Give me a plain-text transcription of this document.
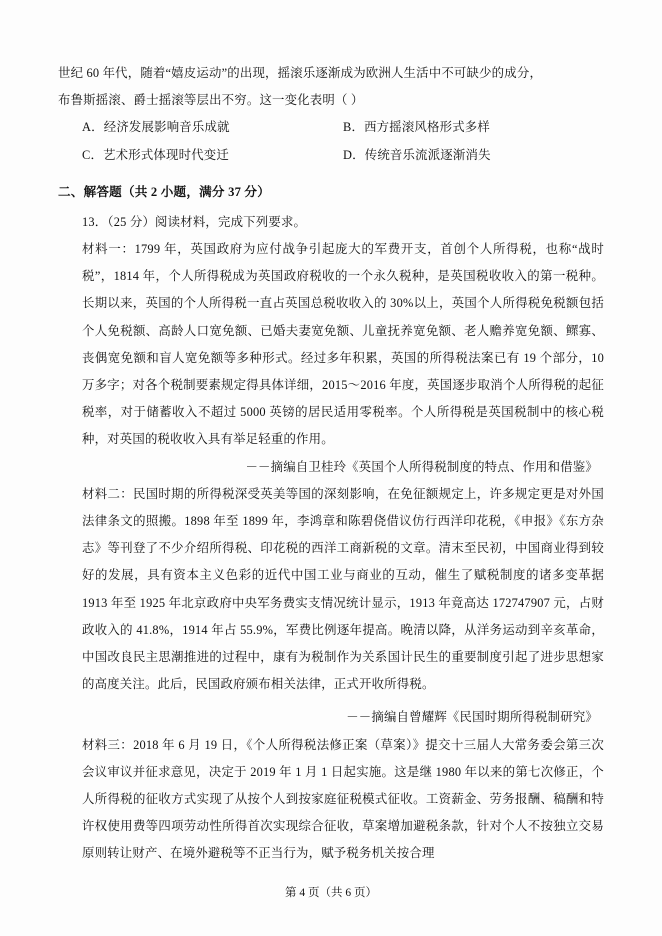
世纪 60 年代，随着“嬉皮运动”的出现，摇滚乐逐渐成为欧洲人生活中不可缺少的成分，

布鲁斯摇滚、爵士摇滚等层出不穷。这一变化表明（ ）

A．经济发展影响音乐成就	B．西方摇滚风格形式多样
C．艺术形式体现时代变迁	D．传统音乐流派逐渐消失

二、解答题（共 2 小题，满分 37 分）

13．（25 分）阅读材料，完成下列要求。

材料一：1799 年，英国政府为应付战争引起庞大的军费开支，首创个人所得税，也称“战时税”，1814 年，个人所得税成为英国政府税收的一个永久税种，是英国税收收入的第一税种。长期以来，英国的个人所得税一直占英国总税收收入的 30%以上，英国个人所得税免税额包括个人免税额、高龄人口宽免额、已婚夫妻宽免额、儿童抚养宽免额、老人赡养宽免额、鳏寡、丧偶宽免额和盲人宽免额等多种形式。经过多年积累，英国的所得税法案已有 19 个部分，10 万多字；对各个税制要素规定得具体详细，2015～2016 年度，英国逐步取消个人所得税的起征税率，对于储蓄收入不超过 5000 英镑的居民适用零税率。个人所得税是英国税制中的核心税种，对英国的税收收入具有举足轻重的作用。

－－摘编自卫桂玲《英国个人所得税制度的特点、作用和借鉴》

材料二：民国时期的所得税深受英美等国的深刻影响，在免征额规定上，许多规定更是对外国法律条文的照搬。1898 年至 1899 年，李鸿章和陈碧侥借议仿行西洋印花税，《申报》《东方杂志》等刊登了不少介绍所得税、印花税的西洋工商新税的文章。清末至民初，中国商业得到较好的发展，具有资本主义色彩的近代中国工业与商业的互动，催生了赋税制度的诸多变革据 1913 年至 1925 年北京政府中央军务费实支情况统计显示，1913 年竟高达 172747907 元，占财政收入的 41.8%，1914 年占 55.9%，军费比例逐年提高。晚清以降，从洋务运动到辛亥革命，中国改良民主思潮推进的过程中，康有为税制作为关系国计民生的重要制度引起了进步思想家的高度关注。此后，民国政府颁布相关法律，正式开收所得税。

－－摘编自曾耀辉《民国时期所得税制研究》

材料三：2018 年 6 月 19 日，《个人所得税法修正案（草案）》提交十三届人大常务委会第三次会议审议并征求意见，决定于 2019 年 1 月 1 日起实施。这是继 1980 年以来的第七次修正，个人所得税的征收方式实现了从按个人到按家庭征税模式征收。工资薪金、劳务报酬、稿酬和特许权使用费等四项劳动性所得首次实现综合征收，草案增加避税条款，针对个人不按独立交易原则转让财产、在境外避税等不正当行为，赋予税务机关按合理

第 4 页（共 6 页）
